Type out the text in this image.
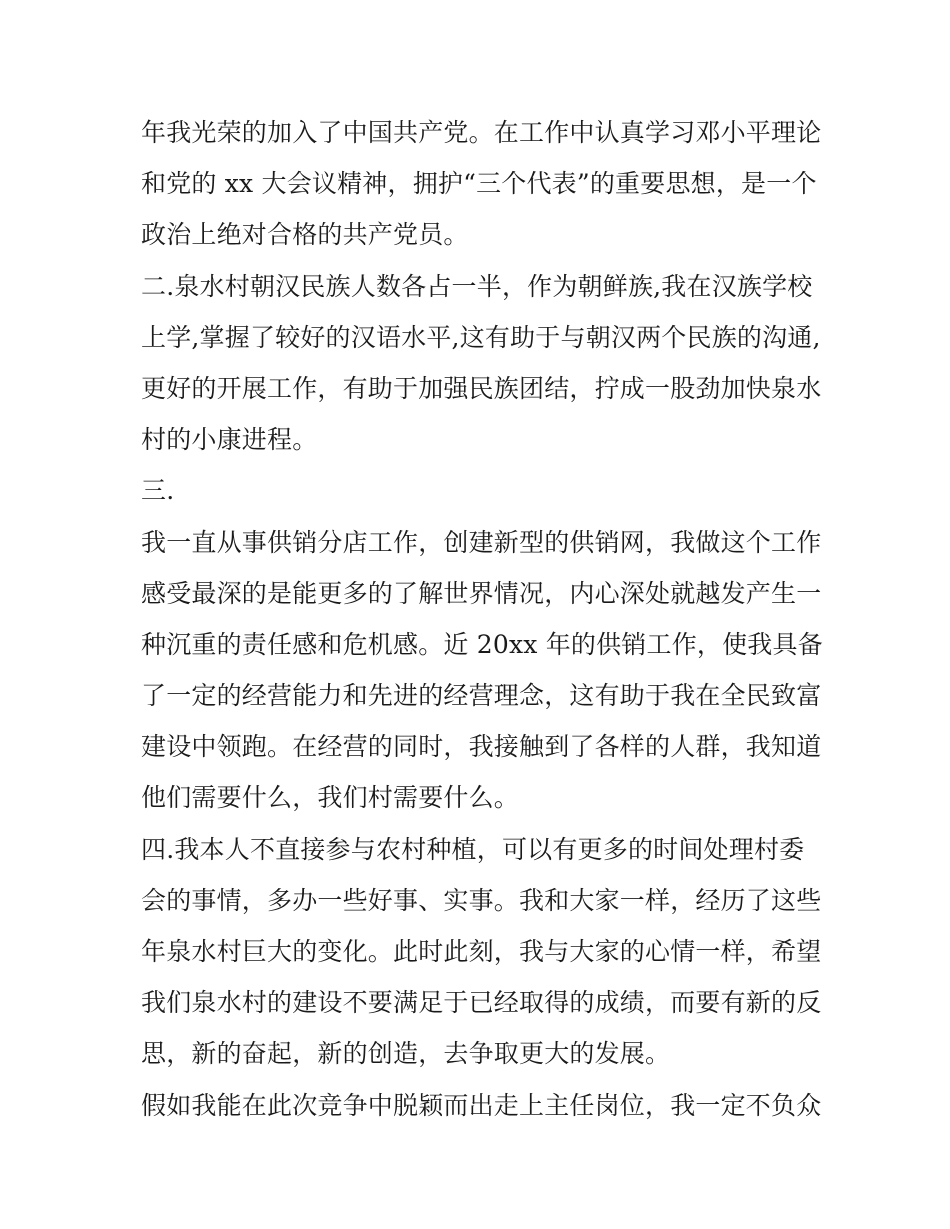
年我光荣的加入了中国共产党。在工作中认真学习邓小平理论
和党的 xx 大会议精神，拥护“三个代表”的重要思想，是一个
政治上绝对合格的共产党员。
二.泉水村朝汉民族人数各占一半，作为朝鲜族,我在汉族学校
上学,掌握了较好的汉语水平,这有助于与朝汉两个民族的沟通,
更好的开展工作，有助于加强民族团结，拧成一股劲加快泉水
村的小康进程。
三.
我一直从事供销分店工作，创建新型的供销网，我做这个工作
感受最深的是能更多的了解世界情况，内心深处就越发产生一
种沉重的责任感和危机感。近 20xx 年的供销工作，使我具备
了一定的经营能力和先进的经营理念，这有助于我在全民致富
建设中领跑。在经营的同时，我接触到了各样的人群，我知道
他们需要什么，我们村需要什么。
四.我本人不直接参与农村种植，可以有更多的时间处理村委
会的事情，多办一些好事、实事。我和大家一样，经历了这些
年泉水村巨大的变化。此时此刻，我与大家的心情一样，希望
我们泉水村的建设不要满足于已经取得的成绩，而要有新的反
思，新的奋起，新的创造，去争取更大的发展。
假如我能在此次竞争中脱颖而出走上主任岗位，我一定不负众
